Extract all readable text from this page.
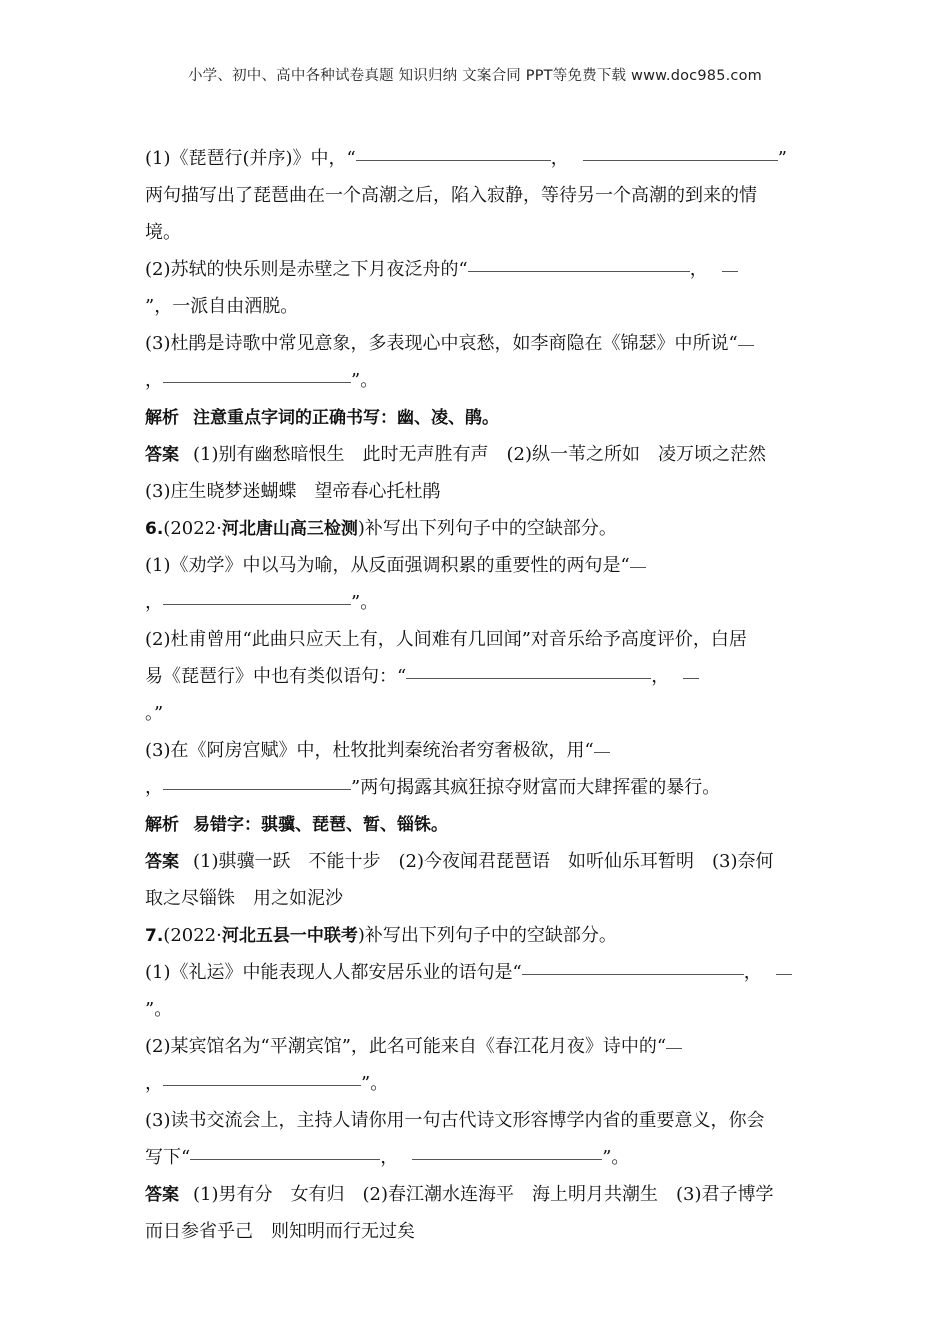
小学、初中、高中各种试卷真题 知识归纳 文案合同 PPT等免费下载 www.doc985.com
(1)《琵琶行(并序)》中，“	，	”
两句描写出了琵琶曲在一个高潮之后，陷入寂静，等待另一个高潮的到来的情
境。
(2)苏轼的快乐则是赤壁之下月夜泛舟的“	，
”，一派自由洒脱。
(3)杜鹃是诗歌中常见意象，多表现心中哀愁，如李商隐在《锦瑟》中所说“
，	”。
解析 注意重点字词的正确书写：幽、凌、鹃。
答案 (1)别有幽愁暗恨生　此时无声胜有声　(2)纵一苇之所如　凌万顷之茫然
(3)庄生晓梦迷蝴蝶　望帝春心托杜鹃
6.(2022·河北唐山高三检测)补写出下列句子中的空缺部分。
(1)《劝学》中以马为喻，从反面强调积累的重要性的两句是“
，	”。
(2)杜甫曾用“此曲只应天上有，人间难有几回闻”对音乐给予高度评价，白居
易《琵琶行》中也有类似语句：“	，
。”
(3)在《阿房宫赋》中，杜牧批判秦统治者穷奢极欲，用“
，	”两句揭露其疯狂掠夺财富而大肆挥霍的暴行。
解析 易错字：骐骥、琵琶、暂、锱铢。
答案 (1)骐骥一跃　不能十步　(2)今夜闻君琵琶语　如听仙乐耳暂明　(3)奈何
取之尽锱铢　用之如泥沙
7.(2022·河北五县一中联考)补写出下列句子中的空缺部分。
(1)《礼运》中能表现人人都安居乐业的语句是“	，
”。
(2)某宾馆名为“平潮宾馆”，此名可能来自《春江花月夜》诗中的“
，	”。
(3)读书交流会上，主持人请你用一句古代诗文形容博学内省的重要意义，你会
写下“	，	”。
答案 (1)男有分　女有归　(2)春江潮水连海平　海上明月共潮生　(3)君子博学
而日参省乎己　则知明而行无过矣
